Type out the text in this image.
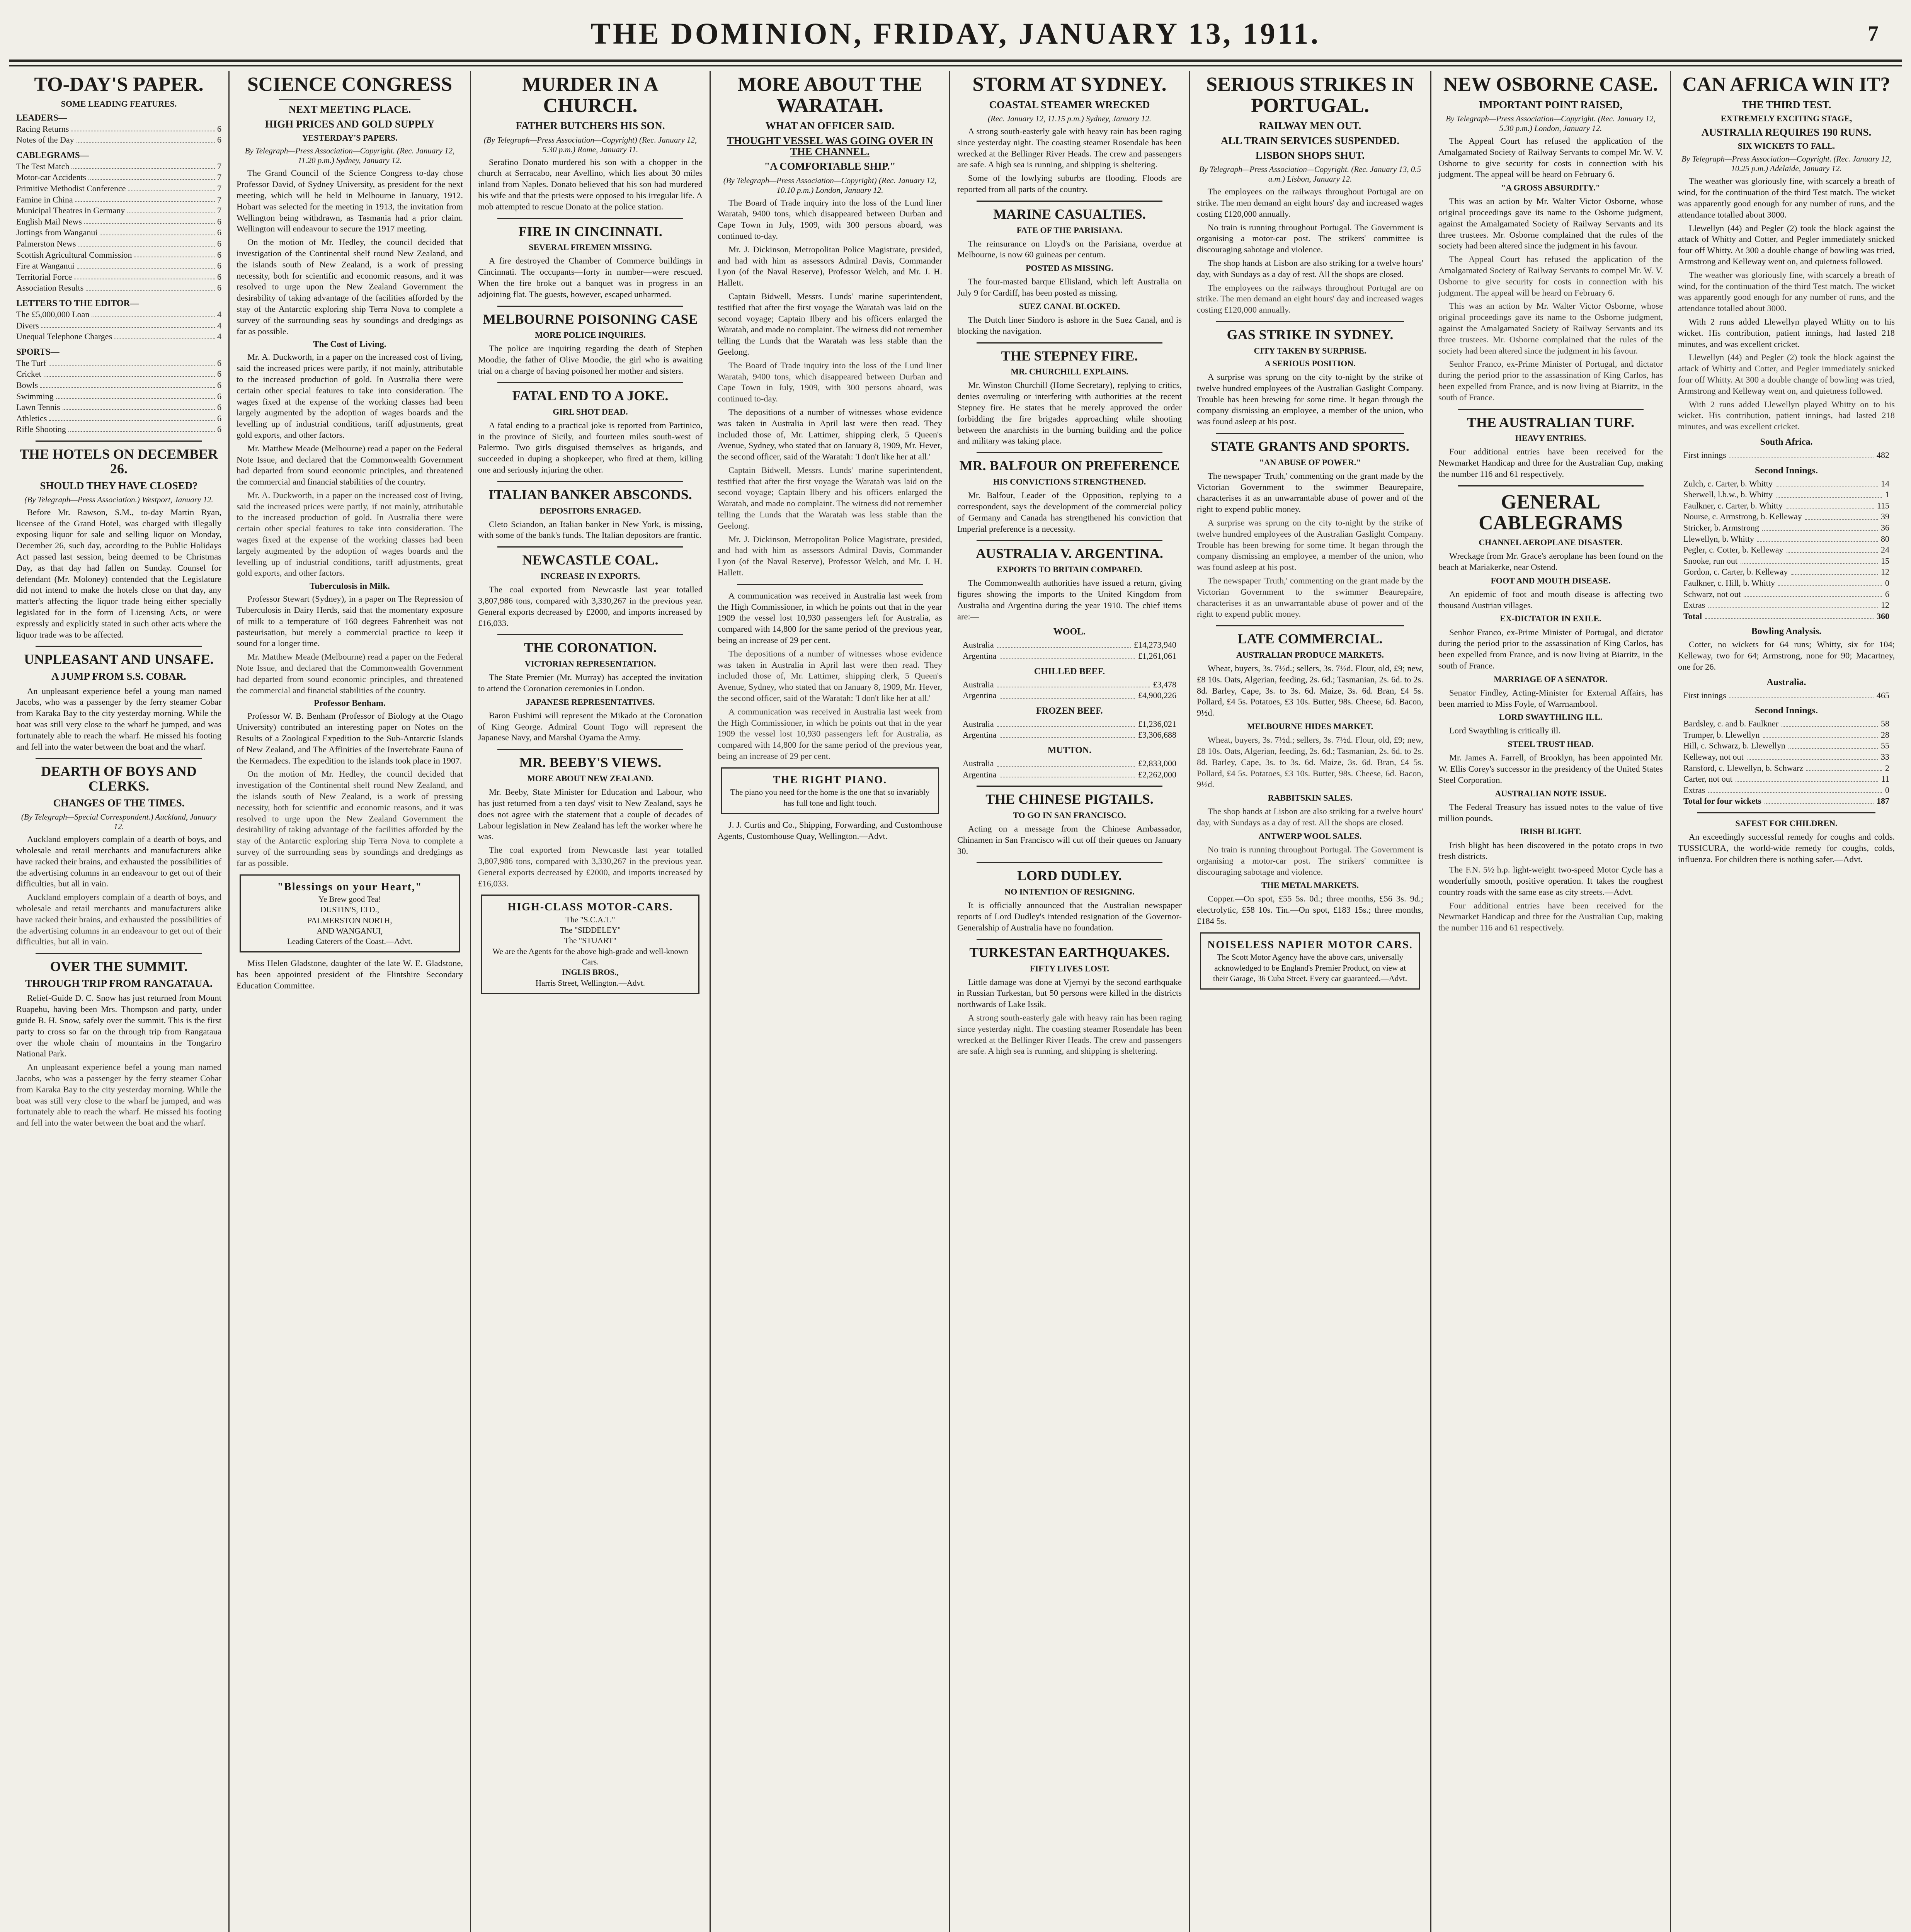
THE DOMINION, FRIDAY, JANUARY 13, 1911.	7
TO-DAY'S PAPER.
SOME LEADING FEATURES.
LEADERS—
Racing Returns	6
Notes of the Day	6
CABLEGRAMS—
The Test Match	7
Motor-car Accidents	7
Primitive Methodist Conference	7
Famine in China	7
Municipal Theatres in Germany	7
English Mail News	6
Jottings from Wanganui	6
Palmerston News	6
Scottish Agricultural Commission	6
Fire at Wanganui	6
Territorial Force	6
Association Results	6
LETTERS TO THE EDITOR—
The £5,000,000 Loan	4
Divers	4
Unequal Telephone Charges	4
SPORTS—
The Turf	6
Cricket	6
Bowls	6
Swimming	6
Lawn Tennis	6
Athletics	6
Rifle Shooting	6
THE HOTELS ON DECEMBER 26.
SHOULD THEY HAVE CLOSED?
(By Telegraph—Press Association.) Westport, January 12.

Before Mr. Rawson, S.M., to-day Martin Ryan, licensee of the Grand Hotel, was charged with illegally exposing liquor for sale and selling liquor on Monday, December 26, such day, according to the Public Holidays Act passed last session, being deemed to be Christmas Day, as that day had fallen on Sunday. Counsel for defendant (Mr. Moloney) contended that the Legislature did not intend to make the hotels close on that day, any matter's affecting the liquor trade being either specially legislated for in the form of Licensing Acts, or were expressly and explicitly stated in such other acts where the liquor trade was to be affected.

UNPLEASANT AND UNSAFE.
A JUMP FROM S.S. COBAR.

An unpleasant experience befel a young man named Jacobs, who was a passenger by the ferry steamer Cobar from Karaka Bay to the city yesterday morning. While the boat was still very close to the wharf he jumped, and was fortunately able to reach the wharf. He missed his footing and fell into the water between the boat and the wharf.

DEARTH OF BOYS AND CLERKS.
CHANGES OF THE TIMES.
(By Telegraph—Special Correspondent.) Auckland, January 12.

Auckland employers complain of a dearth of boys, and wholesale and retail merchants and manufacturers alike have racked their brains, and exhausted the possibilities of the advertising columns in an endeavour to get out of their difficulties, but all in vain.

Auckland employers complain of a dearth of boys, and wholesale and retail merchants and manufacturers alike have racked their brains, and exhausted the possibilities of the advertising columns in an endeavour to get out of their difficulties, but all in vain.

OVER THE SUMMIT.
THROUGH TRIP FROM RANGATAUA.

Relief-Guide D. C. Snow has just returned from Mount Ruapehu, having been Mrs. Thompson and party, under guide B. H. Snow, safely over the summit. This is the first party to cross so far on the through trip from Rangataua over the whole chain of mountains in the Tongariro National Park.

An unpleasant experience befel a young man named Jacobs, who was a passenger by the ferry steamer Cobar from Karaka Bay to the city yesterday morning. While the boat was still very close to the wharf he jumped, and was fortunately able to reach the wharf. He missed his footing and fell into the water between the boat and the wharf.

SCIENCE CONGRESS
NEXT MEETING PLACE.
HIGH PRICES AND GOLD SUPPLY
YESTERDAY'S PAPERS.
By Telegraph—Press Association—Copyright. (Rec. January 12, 11.20 p.m.) Sydney, January 12.

The Grand Council of the Science Congress to-day chose Professor David, of Sydney University, as president for the next meeting, which will be held in Melbourne in January, 1912. Hobart was selected for the meeting in 1913, the invitation from Wellington being withdrawn, as Tasmania had a prior claim. Wellington will endeavour to secure the 1917 meeting.

On the motion of Mr. Hedley, the council decided that investigation of the Continental shelf round New Zealand, and the islands south of New Zealand, is a work of pressing necessity, both for scientific and economic reasons, and it was resolved to urge upon the New Zealand Government the desirability of taking advantage of the facilities afforded by the stay of the Antarctic exploring ship Terra Nova to complete a survey of the surrounding seas by soundings and dredgings as far as possible.

The Cost of Living.

Mr. A. Duckworth, in a paper on the increased cost of living, said the increased prices were partly, if not mainly, attributable to the increased production of gold. In Australia there were certain other special features to take into consideration. The wages fixed at the expense of the working classes had been largely augmented by the adoption of wages boards and the levelling up of industrial conditions, tariff adjustments, great gold exports, and other factors.

Mr. Matthew Meade (Melbourne) read a paper on the Federal Note Issue, and declared that the Commonwealth Government had departed from sound economic principles, and threatened the commercial and financial stabilities of the country.

Mr. A. Duckworth, in a paper on the increased cost of living, said the increased prices were partly, if not mainly, attributable to the increased production of gold. In Australia there were certain other special features to take into consideration. The wages fixed at the expense of the working classes had been largely augmented by the adoption of wages boards and the levelling up of industrial conditions, tariff adjustments, great gold exports, and other factors.

Tuberculosis in Milk.

Professor Stewart (Sydney), in a paper on The Repression of Tuberculosis in Dairy Herds, said that the momentary exposure of milk to a temperature of 160 degrees Fahrenheit was not pasteurisation, but merely a commercial practice to keep it sound for a longer time.

Mr. Matthew Meade (Melbourne) read a paper on the Federal Note Issue, and declared that the Commonwealth Government had departed from sound economic principles, and threatened the commercial and financial stabilities of the country.

Professor Benham.

Professor W. B. Benham (Professor of Biology at the Otago University) contributed an interesting paper on Notes on the Results of a Zoological Expedition to the Sub-Antarctic Islands of New Zealand, and The Affinities of the Invertebrate Fauna of the Kermadecs. The expedition to the islands took place in 1907.

On the motion of Mr. Hedley, the council decided that investigation of the Continental shelf round New Zealand, and the islands south of New Zealand, is a work of pressing necessity, both for scientific and economic reasons, and it was resolved to urge upon the New Zealand Government the desirability of taking advantage of the facilities afforded by the stay of the Antarctic exploring ship Terra Nova to complete a survey of the surrounding seas by soundings and dredgings as far as possible.

"Blessings on your Heart,"
Ye Brew good Tea!
DUSTIN'S, LTD.,
PALMERSTON NORTH,
AND WANGANUI,
Leading Caterers of the Coast.—Advt.

Miss Helen Gladstone, daughter of the late W. E. Gladstone, has been appointed president of the Flintshire Secondary Education Committee.

MURDER IN A CHURCH.
FATHER BUTCHERS HIS SON.
(By Telegraph—Press Association—Copyright) (Rec. January 12, 5.30 p.m.) Rome, January 11.

Serafino Donato murdered his son with a chopper in the church at Serracabo, near Avellino, which lies about 30 miles inland from Naples. Donato believed that his son had murdered his wife and that the priests were opposed to his irregular life. A mob attempted to rescue Donato at the police station.

FIRE IN CINCINNATI.
SEVERAL FIREMEN MISSING.

A fire destroyed the Chamber of Commerce buildings in Cincinnati. The occupants—forty in number—were rescued. When the fire broke out a banquet was in progress in an adjoining flat. The guests, however, escaped unharmed.

MELBOURNE POISONING CASE
MORE POLICE INQUIRIES.

The police are inquiring regarding the death of Stephen Moodie, the father of Olive Moodie, the girl who is awaiting trial on a charge of having poisoned her mother and sisters.

FATAL END TO A JOKE.
GIRL SHOT DEAD.

A fatal ending to a practical joke is reported from Partinico, in the province of Sicily, and fourteen miles south-west of Palermo. Two girls disguised themselves as brigands, and succeeded in duping a shopkeeper, who fired at them, killing one and seriously injuring the other.

ITALIAN BANKER ABSCONDS.
DEPOSITORS ENRAGED.

Cleto Sciandon, an Italian banker in New York, is missing, with some of the bank's funds. The Italian depositors are frantic.

NEWCASTLE COAL.
INCREASE IN EXPORTS.

The coal exported from Newcastle last year totalled 3,807,986 tons, compared with 3,330,267 in the previous year. General exports decreased by £2000, and imports increased by £16,033.

THE CORONATION.
VICTORIAN REPRESENTATION.

The State Premier (Mr. Murray) has accepted the invitation to attend the Coronation ceremonies in London.

JAPANESE REPRESENTATIVES.

Baron Fushimi will represent the Mikado at the Coronation of King George. Admiral Count Togo will represent the Japanese Navy, and Marshal Oyama the Army.

MR. BEEBY'S VIEWS.
MORE ABOUT NEW ZEALAND.

Mr. Beeby, State Minister for Education and Labour, who has just returned from a ten days' visit to New Zealand, says he does not agree with the statement that a couple of decades of Labour legislation in New Zealand has left the worker where he was.

The coal exported from Newcastle last year totalled 3,807,986 tons, compared with 3,330,267 in the previous year. General exports decreased by £2000, and imports increased by £16,033.

HIGH-CLASS MOTOR-CARS.
The "S.C.A.T."
The "SIDDELEY"
The "STUART"
We are the Agents for the above high-grade and well-known Cars.
INGLIS BROS.,
Harris Street, Wellington.—Advt.
MORE ABOUT THE WARATAH.
WHAT AN OFFICER SAID.
THOUGHT VESSEL WAS GOING OVER IN THE CHANNEL.
"A COMFORTABLE SHIP."
(By Telegraph—Press Association—Copyright) (Rec. January 12, 10.10 p.m.) London, January 12.

The Board of Trade inquiry into the loss of the Lund liner Waratah, 9400 tons, which disappeared between Durban and Cape Town in July, 1909, with 300 persons aboard, was continued to-day.

Mr. J. Dickinson, Metropolitan Police Magistrate, presided, and had with him as assessors Admiral Davis, Commander Lyon (of the Naval Reserve), Professor Welch, and Mr. J. H. Hallett.

Captain Bidwell, Messrs. Lunds' marine superintendent, testified that after the first voyage the Waratah was laid on the second voyage; Captain Ilbery and his officers enlarged the Waratah, and made no complaint. The witness did not remember telling the Lunds that the Waratah was less stable than the Geelong.

The Board of Trade inquiry into the loss of the Lund liner Waratah, 9400 tons, which disappeared between Durban and Cape Town in July, 1909, with 300 persons aboard, was continued to-day.

The depositions of a number of witnesses whose evidence was taken in Australia in April last were then read. They included those of, Mr. Lattimer, shipping clerk, 5 Queen's Avenue, Sydney, who stated that on January 8, 1909, Mr. Hever, the second officer, said of the Waratah: 'I don't like her at all.'

Captain Bidwell, Messrs. Lunds' marine superintendent, testified that after the first voyage the Waratah was laid on the second voyage; Captain Ilbery and his officers enlarged the Waratah, and made no complaint. The witness did not remember telling the Lunds that the Waratah was less stable than the Geelong.

Mr. J. Dickinson, Metropolitan Police Magistrate, presided, and had with him as assessors Admiral Davis, Commander Lyon (of the Naval Reserve), Professor Welch, and Mr. J. H. Hallett.

A communication was received in Australia last week from the High Commissioner, in which he points out that in the year 1909 the vessel lost 10,930 passengers left for Australia, as compared with 14,800 for the same period of the previous year, being an increase of 29 per cent.

The depositions of a number of witnesses whose evidence was taken in Australia in April last were then read. They included those of, Mr. Lattimer, shipping clerk, 5 Queen's Avenue, Sydney, who stated that on January 8, 1909, Mr. Hever, the second officer, said of the Waratah: 'I don't like her at all.'

A communication was received in Australia last week from the High Commissioner, in which he points out that in the year 1909 the vessel lost 10,930 passengers left for Australia, as compared with 14,800 for the same period of the previous year, being an increase of 29 per cent.

THE RIGHT PIANO.
The piano you need for the home is the one that so invariably has full tone and light touch.

J. J. Curtis and Co., Shipping, Forwarding, and Customhouse Agents, Customhouse Quay, Wellington.—Advt.

STORM AT SYDNEY.
COASTAL STEAMER WRECKED
(Rec. January 12, 11.15 p.m.) Sydney, January 12.

A strong south-easterly gale with heavy rain has been raging since yesterday night. The coasting steamer Rosendale has been wrecked at the Bellinger River Heads. The crew and passengers are safe. A high sea is running, and shipping is sheltering.

Some of the lowlying suburbs are flooding. Floods are reported from all parts of the country.

MARINE CASUALTIES.
FATE OF THE PARISIANA.

The reinsurance on Lloyd's on the Parisiana, overdue at Melbourne, is now 60 guineas per centum.

POSTED AS MISSING.

The four-masted barque Ellisland, which left Australia on July 9 for Cardiff, has been posted as missing.

SUEZ CANAL BLOCKED.

The Dutch liner Sindoro is ashore in the Suez Canal, and is blocking the navigation.

THE STEPNEY FIRE.
MR. CHURCHILL EXPLAINS.

Mr. Winston Churchill (Home Secretary), replying to critics, denies overruling or interfering with authorities at the recent Stepney fire. He states that he merely approved the order forbidding the fire brigades approaching while shooting between the anarchists in the burning building and the police and military was taking place.

MR. BALFOUR ON PREFERENCE
HIS CONVICTIONS STRENGTHENED.

Mr. Balfour, Leader of the Opposition, replying to a correspondent, says the development of the commercial policy of Germany and Canada has strengthened his conviction that Imperial preference is a necessity.

AUSTRALIA V. ARGENTINA.
EXPORTS TO BRITAIN COMPARED.

The Commonwealth authorities have issued a return, giving figures showing the imports to the United Kingdom from Australia and Argentina during the year 1910. The chief items are:—

WOOL.
Australia	£14,273,940
Argentina	£1,261,061
CHILLED BEEF.
Australia	£3,478
Argentina	£4,900,226
FROZEN BEEF.
Australia	£1,236,021
Argentina	£3,306,688
MUTTON.
Australia	£2,833,000
Argentina	£2,262,000
THE CHINESE PIGTAILS.
TO GO IN SAN FRANCISCO.

Acting on a message from the Chinese Ambassador, Chinamen in San Francisco will cut off their queues on January 30.

LORD DUDLEY.
NO INTENTION OF RESIGNING.

It is officially announced that the Australian newspaper reports of Lord Dudley's intended resignation of the Governor-Generalship of Australia have no foundation.

TURKESTAN EARTHQUAKES.
FIFTY LIVES LOST.

Little damage was done at Vjernyi by the second earthquake in Russian Turkestan, but 50 persons were killed in the districts northwards of Lake Issik.

A strong south-easterly gale with heavy rain has been raging since yesterday night. The coasting steamer Rosendale has been wrecked at the Bellinger River Heads. The crew and passengers are safe. A high sea is running, and shipping is sheltering.

SERIOUS STRIKES IN PORTUGAL.
RAILWAY MEN OUT.
ALL TRAIN SERVICES SUSPENDED.
LISBON SHOPS SHUT.
By Telegraph—Press Association—Copyright. (Rec. January 13, 0.5 a.m.) Lisbon, January 12.

The employees on the railways throughout Portugal are on strike. The men demand an eight hours' day and increased wages costing £120,000 annually.

No train is running throughout Portugal. The Government is organising a motor-car post. The strikers' committee is discouraging sabotage and violence.

The shop hands at Lisbon are also striking for a twelve hours' day, with Sundays as a day of rest. All the shops are closed.

The employees on the railways throughout Portugal are on strike. The men demand an eight hours' day and increased wages costing £120,000 annually.

GAS STRIKE IN SYDNEY.
CITY TAKEN BY SURPRISE.
A SERIOUS POSITION.

A surprise was sprung on the city to-night by the strike of twelve hundred employees of the Australian Gaslight Company. Trouble has been brewing for some time. It began through the company dismissing an employee, a member of the union, who was found asleep at his post.

STATE GRANTS AND SPORTS.
"AN ABUSE OF POWER."

The newspaper 'Truth,' commenting on the grant made by the Victorian Government to the swimmer Beaurepaire, characterises it as an unwarrantable abuse of power and of the right to expend public money.

A surprise was sprung on the city to-night by the strike of twelve hundred employees of the Australian Gaslight Company. Trouble has been brewing for some time. It began through the company dismissing an employee, a member of the union, who was found asleep at his post.

The newspaper 'Truth,' commenting on the grant made by the Victorian Government to the swimmer Beaurepaire, characterises it as an unwarrantable abuse of power and of the right to expend public money.

LATE COMMERCIAL.
AUSTRALIAN PRODUCE MARKETS.

Wheat, buyers, 3s. 7½d.; sellers, 3s. 7½d. Flour, old, £9; new, £8 10s. Oats, Algerian, feeding, 2s. 6d.; Tasmanian, 2s. 6d. to 2s. 8d. Barley, Cape, 3s. to 3s. 6d. Maize, 3s. 6d. Bran, £4 5s. Pollard, £4 5s. Potatoes, £3 10s. Butter, 98s. Cheese, 6d. Bacon, 9½d.

MELBOURNE HIDES MARKET.

Wheat, buyers, 3s. 7½d.; sellers, 3s. 7½d. Flour, old, £9; new, £8 10s. Oats, Algerian, feeding, 2s. 6d.; Tasmanian, 2s. 6d. to 2s. 8d. Barley, Cape, 3s. to 3s. 6d. Maize, 3s. 6d. Bran, £4 5s. Pollard, £4 5s. Potatoes, £3 10s. Butter, 98s. Cheese, 6d. Bacon, 9½d.

RABBITSKIN SALES.

The shop hands at Lisbon are also striking for a twelve hours' day, with Sundays as a day of rest. All the shops are closed.

ANTWERP WOOL SALES.

No train is running throughout Portugal. The Government is organising a motor-car post. The strikers' committee is discouraging sabotage and violence.

THE METAL MARKETS.

Copper.—On spot, £55 5s. 0d.; three months, £56 3s. 9d.; electrolytic, £58 10s. Tin.—On spot, £183 15s.; three months, £184 5s.

NOISELESS NAPIER MOTOR CARS.
The Scott Motor Agency have the above cars, universally acknowledged to be England's Premier Product, on view at their Garage, 36 Cuba Street. Every car guaranteed.—Advt.
NEW OSBORNE CASE.
IMPORTANT POINT RAISED,
By Telegraph—Press Association—Copyright. (Rec. January 12, 5.30 p.m.) London, January 12.

The Appeal Court has refused the application of the Amalgamated Society of Railway Servants to compel Mr. W. V. Osborne to give security for costs in connection with his judgment. The appeal will be heard on February 6.

"A GROSS ABSURDITY."

This was an action by Mr. Walter Victor Osborne, whose original proceedings gave its name to the Osborne judgment, against the Amalgamated Society of Railway Servants and its three trustees. Mr. Osborne complained that the rules of the society had been altered since the judgment in his favour.

The Appeal Court has refused the application of the Amalgamated Society of Railway Servants to compel Mr. W. V. Osborne to give security for costs in connection with his judgment. The appeal will be heard on February 6.

This was an action by Mr. Walter Victor Osborne, whose original proceedings gave its name to the Osborne judgment, against the Amalgamated Society of Railway Servants and its three trustees. Mr. Osborne complained that the rules of the society had been altered since the judgment in his favour.

Senhor Franco, ex-Prime Minister of Portugal, and dictator during the period prior to the assassination of King Carlos, has been expelled from France, and is now living at Biarritz, in the south of France.

THE AUSTRALIAN TURF.
HEAVY ENTRIES.

Four additional entries have been received for the Newmarket Handicap and three for the Australian Cup, making the number 116 and 61 respectively.

GENERAL CABLEGRAMS
CHANNEL AEROPLANE DISASTER.

Wreckage from Mr. Grace's aeroplane has been found on the beach at Mariakerke, near Ostend.

FOOT AND MOUTH DISEASE.

An epidemic of foot and mouth disease is affecting two thousand Austrian villages.

EX-DICTATOR IN EXILE.

Senhor Franco, ex-Prime Minister of Portugal, and dictator during the period prior to the assassination of King Carlos, has been expelled from France, and is now living at Biarritz, in the south of France.

MARRIAGE OF A SENATOR.

Senator Findley, Acting-Minister for External Affairs, has been married to Miss Foyle, of Warrnambool.

LORD SWAYTHLING ILL.

Lord Swaythling is critically ill.

STEEL TRUST HEAD.

Mr. James A. Farrell, of Brooklyn, has been appointed Mr. W. Ellis Corey's successor in the presidency of the United States Steel Corporation.

AUSTRALIAN NOTE ISSUE.

The Federal Treasury has issued notes to the value of five million pounds.

IRISH BLIGHT.

Irish blight has been discovered in the potato crops in two fresh districts.

The F.N. 5½ h.p. light-weight two-speed Motor Cycle has a wonderfully smooth, positive operation. It takes the roughest country roads with the same ease as city streets.—Advt.

Four additional entries have been received for the Newmarket Handicap and three for the Australian Cup, making the number 116 and 61 respectively.

CAN AFRICA WIN IT?
THE THIRD TEST.
EXTREMELY EXCITING STAGE,
AUSTRALIA REQUIRES 190 RUNS.
SIX WICKETS TO FALL.
By Telegraph—Press Association—Copyright. (Rec. January 12, 10.25 p.m.) Adelaide, January 12.

The weather was gloriously fine, with scarcely a breath of wind, for the continuation of the third Test match. The wicket was apparently good enough for any number of runs, and the attendance totalled about 3000.

Llewellyn (44) and Pegler (2) took the block against the attack of Whitty and Cotter, and Pegler immediately snicked four off Whitty. At 300 a double change of bowling was tried, Armstrong and Kelleway went on, and quietness followed.

The weather was gloriously fine, with scarcely a breath of wind, for the continuation of the third Test match. The wicket was apparently good enough for any number of runs, and the attendance totalled about 3000.

With 2 runs added Llewellyn played Whitty on to his wicket. His contribution, patient innings, had lasted 218 minutes, and was excellent cricket.

Llewellyn (44) and Pegler (2) took the block against the attack of Whitty and Cotter, and Pegler immediately snicked four off Whitty. At 300 a double change of bowling was tried, Armstrong and Kelleway went on, and quietness followed.

With 2 runs added Llewellyn played Whitty on to his wicket. His contribution, patient innings, had lasted 218 minutes, and was excellent cricket.

South Africa.
First innings	482
Second Innings.
Zulch, c. Carter, b. Whitty	14
Sherwell, l.b.w., b. Whitty	1
Faulkner, c. Carter, b. Whitty	115
Nourse, c. Armstrong, b. Kelleway	39
Stricker, b. Armstrong	36
Llewellyn, b. Whitty	80
Pegler, c. Cotter, b. Kelleway	24
Snooke, run out	15
Gordon, c. Carter, b. Kelleway	12
Faulkner, c. Hill, b. Whitty	0
Schwarz, not out	6
Extras	12
Total	360
Bowling Analysis.

Cotter, no wickets for 64 runs; Whitty, six for 104; Kelleway, two for 64; Armstrong, none for 90; Macartney, one for 26.

Australia.
First innings	465
Second Innings.
Bardsley, c. and b. Faulkner	58
Trumper, b. Llewellyn	28
Hill, c. Schwarz, b. Llewellyn	55
Kelleway, not out	33
Ransford, c. Llewellyn, b. Schwarz	2
Carter, not out	11
Extras	0
Total for four wickets	187
SAFEST FOR CHILDREN.

An exceedingly successful remedy for coughs and colds. TUSSICURA, the world-wide remedy for coughs, colds, influenza. For children there is nothing safer.—Advt.
